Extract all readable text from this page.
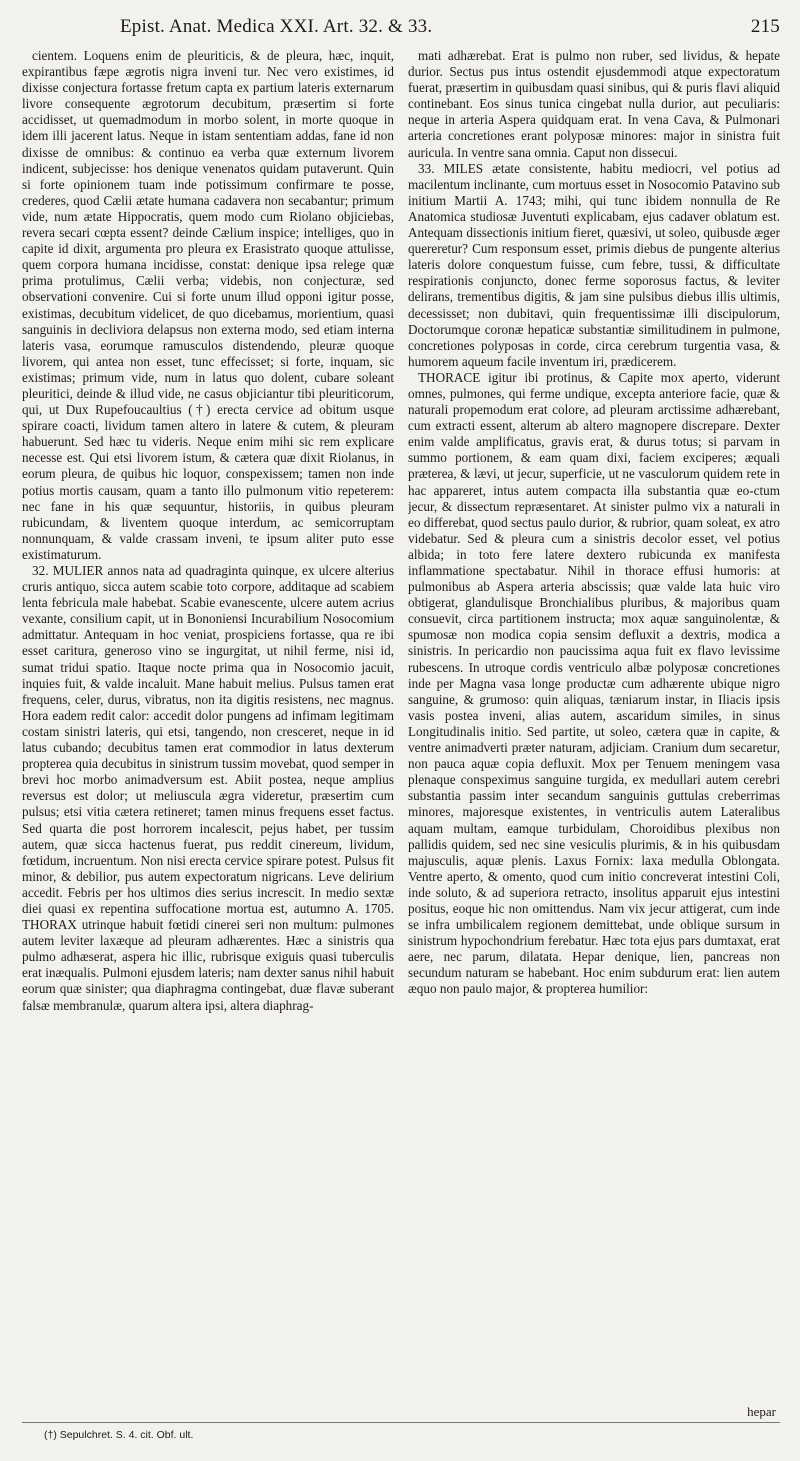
Epist. Anat. Medica XXI. Art. 32. & 33.	215

cientem. Loquens enim de pleuriticis, & de pleura, hæc, inquit, expirantibus fæpe ægrotis nigra inveni tur. Nec vero existimes, id dixisse conjectura fortasse fretum capta ex partium lateris externarum livore consequente ægrotorum decubitum, præsertim si forte accidisset, ut quemadmodum in morbo solent, in morte quoque in idem illi jacerent latus. Neque in istam sententiam addas, fane id non dixisse de omnibus: & continuo ea verba quæ externum livorem indicent, subjecisse: hos denique venenatos quidam putaverunt. Quin si forte opinionem tuam inde potissimum confirmare te posse, crederes, quod Cælii ætate humana cadavera non secabantur; primum vide, num ætate Hippocratis, quem modo cum Riolano objiciebas, revera secari cœpta essent? deinde Cælium inspice; intelliges, quo in capite id dixit, argumenta pro pleura ex Erasistrato quoque attulisse, quem corpora humana incidisse, constat: denique ipsa relege quæ prima protulimus, Cælii verba; videbis, non conjecturæ, sed observationi convenire. Cui si forte unum illud opponi igitur posse, existimas, decubitum videlicet, de quo dicebamus, morientium, quasi sanguinis in decliviora delapsus non externa modo, sed etiam interna lateris vasa, eorumque ramusculos distendendo, pleuræ quoque livorem, qui antea non esset, tunc effecisset; si forte, inquam, sic existimas; primum vide, num in latus quo dolent, cubare soleant pleuritici, deinde & illud vide, ne casus objiciantur tibi pleuriticorum, qui, ut Dux Rupefoucaultius (†) erecta cervice ad obitum usque spirare coacti, lividum tamen altero in latere & cutem, & pleuram habuerunt. Sed hæc tu videris. Neque enim mihi sic rem explicare necesse est. Qui etsi livorem istum, & cætera quæ dixit Riolanus, in eorum pleura, de quibus hic loquor, conspexissem; tamen non inde potius mortis causam, quam a tanto illo pulmonum vitio repeterem: nec fane in his quæ sequuntur, historiis, in quibus pleuram rubicundam, & liventem quoque interdum, ac semicorruptam nonnunquam, & valde crassam inveni, te ipsum aliter puto esse existimaturum.

32. MULIER annos nata ad quadraginta quinque, ex ulcere alterius cruris antiquo, sicca autem scabie toto corpore, additaque ad scabiem lenta febricula male habebat. Scabie evanescente, ulcere autem acrius vexante, consilium capit, ut in Bononiensi Incurabilium Nosocomium admittatur. Antequam in hoc veniat, prospiciens fortasse, qua re ibi esset caritura, generoso vino se ingurgitat, ut nihil ferme, nisi id, sumat tridui spatio. Itaque nocte prima qua in Nosocomio jacuit, inquies fuit, & valde incaluit. Mane habuit melius. Pulsus tamen erat frequens, celer, durus, vibratus, non ita digitis resistens, nec magnus. Hora eadem redit calor: accedit dolor pungens ad infimam legitimam costam sinistri lateris, qui etsi, tangendo, non cresceret, neque in id latus cubando; decubitus tamen erat commodior in latus dexterum propterea quia decubitus in sinistrum tussim movebat, quod semper in brevi hoc morbo animadversum est. Abiit postea, neque amplius reversus est dolor; ut meliuscula ægra videretur, præsertim cum pulsus; etsi vitia cætera retineret; tamen minus frequens esset factus. Sed quarta die post horrorem incalescit, pejus habet, per tussim autem, quæ sicca hactenus fuerat, pus reddit cinereum, lividum, fœtidum, incruentum. Non nisi erecta cervice spirare potest. Pulsus fit minor, & debilior, pus autem expectoratum nigricans. Leve delirium accedit. Febris per hos ultimos dies serius increscit. In medio sextæ diei quasi ex repentina suffocatione mortua est, autumno A. 1705. THORAX utrinque habuit fœtidi cinerei seri non multum: pulmones autem leviter laxæque ad pleuram adhærentes. Hæc a sinistris qua pulmo adhæserat, aspera hic illic, rubrisque exiguis quasi tuberculis erat inæqualis. Pulmoni ejusdem lateris; nam dexter sanus nihil habuit eorum quæ sinister; qua diaphragma contingebat, duæ flavæ suberant falsæ membranulæ, quarum altera ipsi, altera diaphrag-

mati adhærebat. Erat is pulmo non ruber, sed lividus, & hepate durior. Sectus pus intus ostendit ejusdemmodi atque expectoratum fuerat, præsertim in quibusdam quasi sinibus, qui & puris flavi aliquid continebant. Eos sinus tunica cingebat nulla durior, aut peculiaris: neque in arteria Aspera quidquam erat. In vena Cava, & Pulmonari arteria concretiones erant polyposæ minores: major in sinistra fuit auricula. In ventre sana omnia. Caput non dissecui.

33. MILES ætate consistente, habitu mediocri, vel potius ad macilentum inclinante, cum mortuus esset in Nosocomio Patavino sub initium Martii A. 1743; mihi, qui tunc ibidem nonnulla de Re Anatomica studiosæ Juventuti explicabam, ejus cadaver oblatum est. Antequam dissectionis initium fieret, quæsivi, ut soleo, quibusde æger quereretur? Cum responsum esset, primis diebus de pungente alterius lateris dolore conquestum fuisse, cum febre, tussi, & difficultate respirationis conjuncto, donec ferme soporosus factus, & leviter delirans, trementibus digitis, & jam sine pulsibus diebus illis ultimis, decessisset; non dubitavi, quin frequentissimæ illi discipulorum, Doctorumque coronæ hepaticæ substantiæ similitudinem in pulmone, concretiones polyposas in corde, circa cerebrum turgentia vasa, & humorem aqueum facile inventum iri, prædicerem.

THORACE igitur ibi protinus, & Capite mox aperto, viderunt omnes, pulmones, qui ferme undique, excepta anteriore facie, quæ & naturali propemodum erat colore, ad pleuram arctissime adhærebant, cum extracti essent, alterum ab altero magnopere discrepare. Dexter enim valde amplificatus, gravis erat, & durus totus; si parvam in summo portionem, & eam quam dixi, faciem exciperes; æquali præterea, & lævi, ut jecur, superficie, ut ne vasculorum quidem rete in hac appareret, intus autem compacta illa substantia quæ eo-ctum jecur, & dissectum repræsentaret. At sinister pulmo vix a naturali in eo differebat, quod sectus paulo durior, & rubrior, quam soleat, ex atro videbatur. Sed & pleura cum a sinistris decolor esset, vel potius albida; in toto fere latere dextero rubicunda ex manifesta inflammatione spectabatur. Nihil in thorace effusi humoris: at pulmonibus ab Aspera arteria abscissis; quæ valde lata huic viro obtigerat, glandulisque Bronchialibus pluribus, & majoribus quam consuevit, circa partitionem instructa; mox aquæ sanguinolentæ, & spumosæ non modica copia sensim defluxit a dextris, modica a sinistris. In pericardio non paucissima aqua fuit ex flavo levissime rubescens. In utroque cordis ventriculo albæ polyposæ concretiones inde per Magna vasa longe productæ cum adhærente ubique nigro sanguine, & grumoso: quin aliquas, tæniarum instar, in Iliacis ipsis vasis postea inveni, alias autem, ascaridum similes, in sinus Longitudinalis initio. Sed partite, ut soleo, cætera quæ in capite, & ventre animadverti præter naturam, adjiciam. Cranium dum secaretur, non pauca aquæ copia defluxit. Mox per Tenuem meningem vasa plenaque conspeximus sanguine turgida, ex medullari autem cerebri substantia passim inter secandum sanguinis guttulas creberrimas minores, majoresque existentes, in ventriculis autem Lateralibus aquam multam, eamque turbidulam, Choroidibus plexibus non pallidis quidem, sed nec sine vesiculis plurimis, & in his quibusdam majusculis, aquæ plenis. Laxus Fornix: laxa medulla Oblongata. Ventre aperto, & omento, quod cum initio concreverat intestini Coli, inde soluto, & ad superiora retracto, insolitus apparuit ejus intestini positus, eoque hic non omittendus. Nam vix jecur attigerat, cum inde se infra umbilicalem regionem demittebat, unde oblique sursum in sinistrum hypochondrium ferebatur. Hæc tota ejus pars dumtaxat, erat aere, nec parum, dilatata. Hepar denique, lien, pancreas non secundum naturam se habebant. Hoc enim subdurum erat: lien autem æquo non paulo major, & propterea humilior:

hepar
(†) Sepulchret. S. 4. cit. Obf. ult.
